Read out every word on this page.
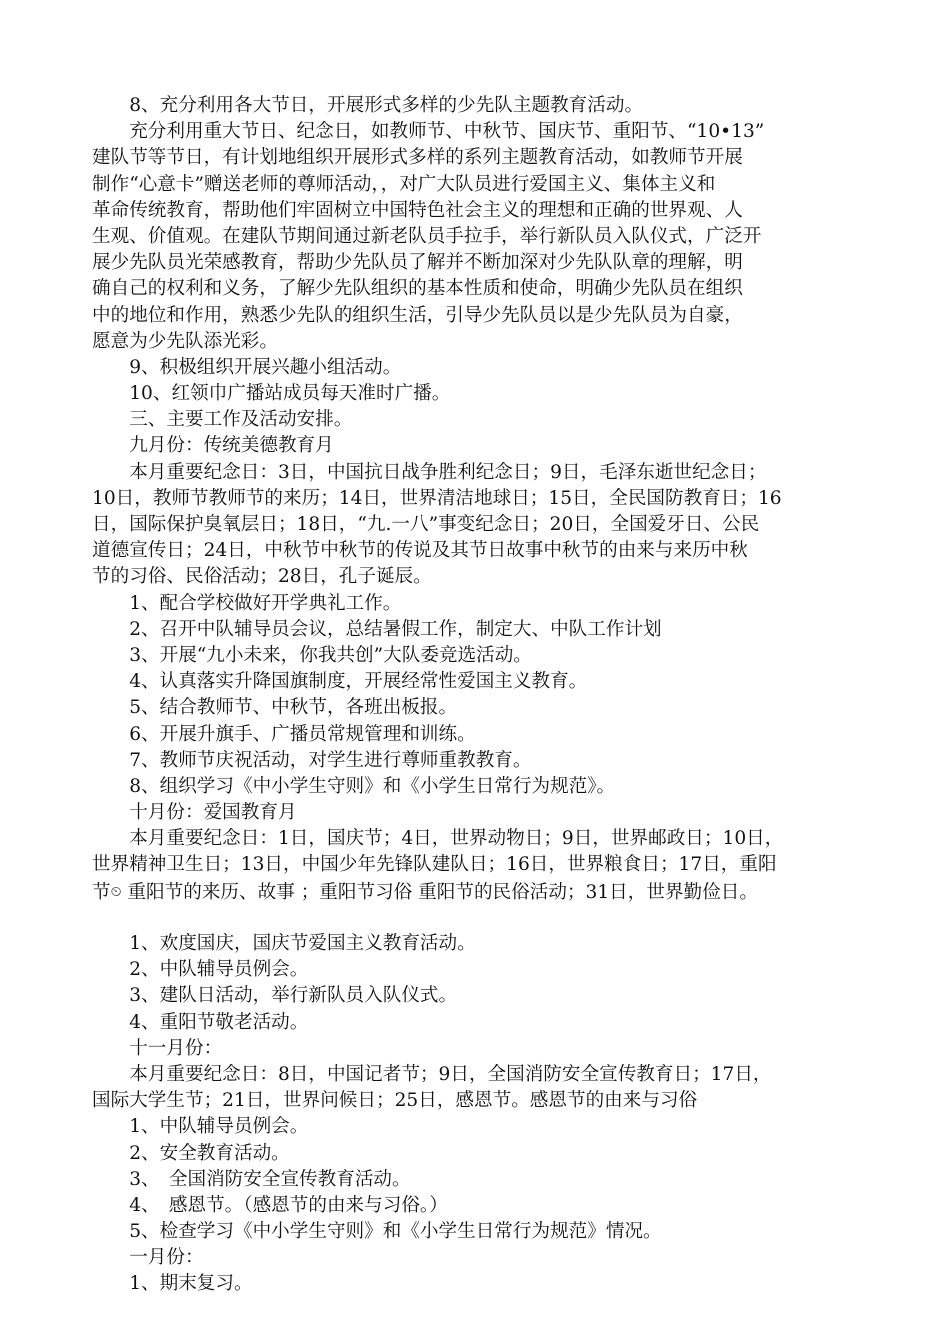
　　8、充分利用各大节日，开展形式多样的少先队主题教育活动。
　　充分利用重大节日、纪念日，如教师节、中秋节、国庆节、重阳节、“10•13”
建队节等节日，有计划地组织开展形式多样的系列主题教育活动，如教师节开展
制作“心意卡”赠送老师的尊师活动，，对广大队员进行爱国主义、集体主义和
革命传统教育，帮助他们牢固树立中国特色社会主义的理想和正确的世界观、人
生观、价值观。在建队节期间通过新老队员手拉手，举行新队员入队仪式，广泛开
展少先队员光荣感教育，帮助少先队员了解并不断加深对少先队队章的理解，明
确自己的权利和义务，了解少先队组织的基本性质和使命，明确少先队员在组织
中的地位和作用，熟悉少先队的组织生活，引导少先队员以是少先队员为自豪，
愿意为少先队添光彩。
　　9、积极组织开展兴趣小组活动。
　　10、红领巾广播站成员每天准时广播。
　　三、主要工作及活动安排。
　　九月份：传统美德教育月
　　本月重要纪念日：3日，中国抗日战争胜利纪念日；9日，毛泽东逝世纪念日；
10日，教师节教师节的来历；14日，世界清洁地球日；15日，全民国防教育日；16
日，国际保护臭氧层日；18日，“九.一八”事变纪念日；20日，全国爱牙日、公民
道德宣传日；24日，中秋节中秋节的传说及其节日故事中秋节的由来与来历中秋
节的习俗、民俗活动；28日，孔子诞辰。
　　1、配合学校做好开学典礼工作。
　　2、召开中队辅导员会议，总结暑假工作，制定大、中队工作计划
　　3、开展“九小未来，你我共创”大队委竞选活动。
　　4、认真落实升降国旗制度，开展经常性爱国主义教育。
　　5、结合教师节、中秋节，各班出板报。
　　6、开展升旗手、广播员常规管理和训练。
　　7、教师节庆祝活动，对学生进行尊师重教教育。
　　8、组织学习《中小学生守则》和《小学生日常行为规范》。
　　十月份：爱国教育月
　　本月重要纪念日：1日，国庆节；4日，世界动物日；9日，世界邮政日；10日，
世界精神卫生日；13日，中国少年先锋队建队日；16日，世界粮食日；17日，重阳
节⏲ 重阳节的来历、故事 ；重阳节习俗 重阳节的民俗活动；31日，世界勤俭日。
　　1、欢度国庆，国庆节爱国主义教育活动。
　　2、中队辅导员例会。
　　3、建队日活动，举行新队员入队仪式。
　　4、重阳节敬老活动。
　　十一月份：
　　本月重要纪念日：8日，中国记者节；9日，全国消防安全宣传教育日；17日，
国际大学生节；21日，世界问候日；25日，感恩节。感恩节的由来与习俗
　　1、中队辅导员例会。
　　2、安全教育活动。
　　3、　全国消防安全宣传教育活动。
　　4、　感恩节。（感恩节的由来与习俗。）
　　5、检查学习《中小学生守则》和《小学生日常行为规范》情况。
　　一月份：
　　1、期末复习。
